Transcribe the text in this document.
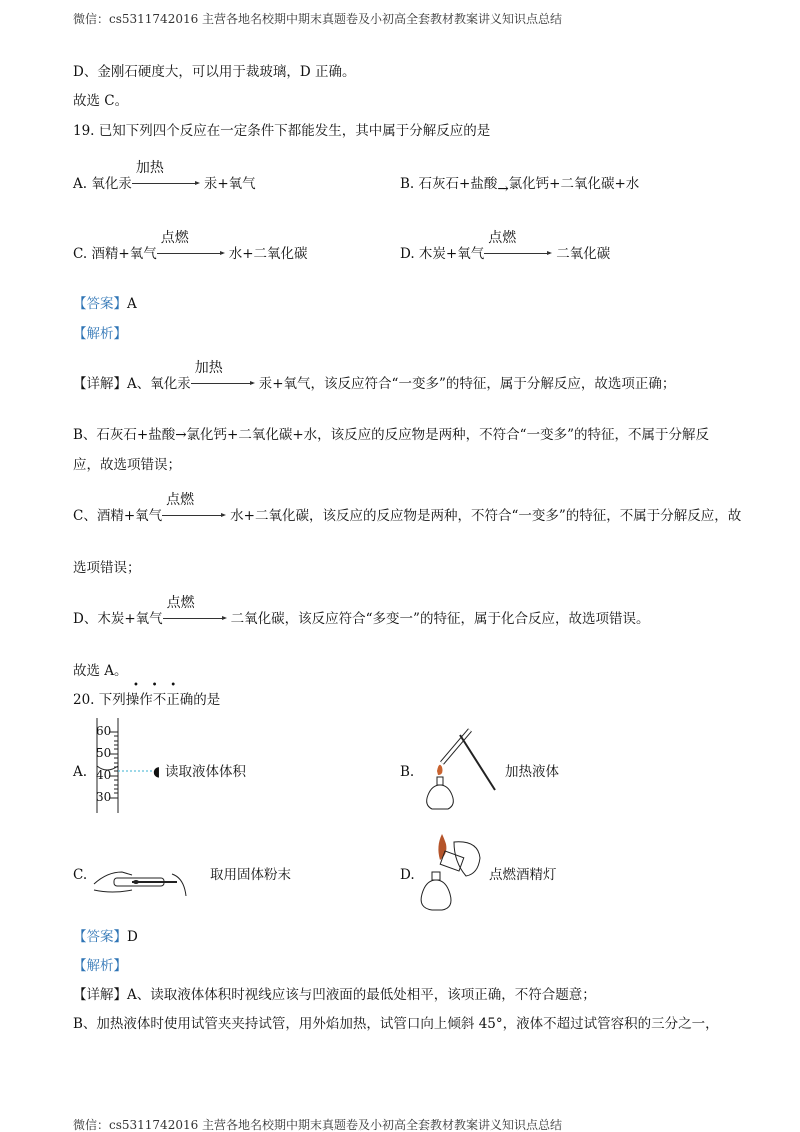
微信：cs5311742016 主营各地名校期中期末真题卷及小初高全套教材教案讲义知识点总结
D、金刚石硬度大，可以用于裁玻璃，D 正确。
故选 C。
19. 已知下列四个反应在一定条件下都能发生，其中属于分解反应的是
A. 氧化汞
加热
汞+氧气	B. 石灰石+盐酸→氯化钙+二氧化碳+水
C. 酒精+氧气
点燃
水+二氧化碳	D. 木炭+氧气
点燃
二氧化碳
【答案】A
【解析】
【详解】A、氧化汞
加热
汞+氧气，该反应符合“一变多”的特征，属于分解反应，故选项正确；
B、石灰石+盐酸→氯化钙+二氧化碳+水，该反应的反应物是两种，不符合“一变多”的特征，不属于分解反
应，故选项错误；
C、酒精+氧气
点燃
水+二氧化碳，该反应的反应物是两种，不符合“一变多”的特征，不属于分解反应，故
选项错误；
D、木炭+氧气
点燃
二氧化碳，该反应符合“多变一”的特征，属于化合反应，故选项错误。
故选 A。
20. 下列操作不正确的是
•    •    •
A.
60
50
40
30
◖ 读取液体体积	B.	加热液体
C.	取用固体粉末	D.	点燃酒精灯
【答案】D
【解析】
【详解】A、读取液体体积时视线应该与凹液面的最低处相平，该项正确，不符合题意；
B、加热液体时使用试管夹夹持试管，用外焰加热，试管口向上倾斜 45°，液体不超过试管容积的三分之一，
微信：cs5311742016 主营各地名校期中期末真题卷及小初高全套教材教案讲义知识点总结
